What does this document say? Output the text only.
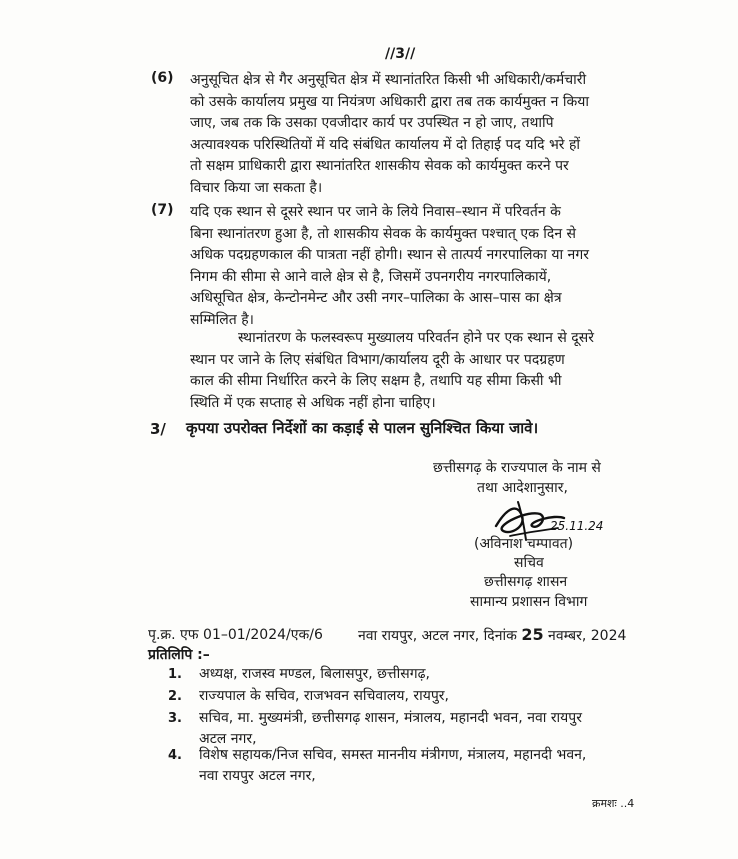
//3//
(6) अनुसूचित क्षेत्र से गैर अनुसूचित क्षेत्र में स्थानांतरित किसी भी अधिकारी/कर्मचारी
को उसके कार्यालय प्रमुख या नियंत्रण अधिकारी द्वारा तब तक कार्यमुक्त न किया
जाए, जब तक कि उसका एवजीदार कार्य पर उपस्थित न हो जाए, तथापि
अत्यावश्यक परिस्थितियों में यदि संबंधित कार्यालय में दो तिहाई पद यदि भरे हों
तो सक्षम प्राधिकारी द्वारा स्थानांतरित शासकीय सेवक को कार्यमुक्त करने पर
विचार किया जा सकता है।
(7) यदि एक स्थान से दूसरे स्थान पर जाने के लिये निवास–स्थान में परिवर्तन के
बिना स्थानांतरण हुआ है, तो शासकीय सेवक के कार्यमुक्त पश्चात् एक दिन से
अधिक पदग्रहणकाल की पात्रता नहीं होगी। स्थान से तात्पर्य नगरपालिका या नगर
निगम की सीमा से आने वाले क्षेत्र से है, जिसमें उपनगरीय नगरपालिकायें,
अधिसूचित क्षेत्र, केन्टोनमेन्ट और उसी नगर–पालिका के आस–पास का क्षेत्र
सम्मिलित है।
स्थानांतरण के फलस्वरूप मुख्यालय परिवर्तन होने पर एक स्थान से दूसरे
स्थान पर जाने के लिए संबंधित विभाग/कार्यालय दूरी के आधार पर पदग्रहण
काल की सीमा निर्धारित करने के लिए सक्षम है, तथापि यह सीमा किसी भी
स्थिति में एक सप्ताह से अधिक नहीं होना चाहिए।
3/ कृपया उपरोक्त निर्देशों का कड़ाई से पालन सुनिश्चित किया जावे।
छत्तीसगढ़ के राज्यपाल के नाम से
तथा आदेशानुसार,
25.11.24
(अविनाश चम्पावत)
सचिव
छत्तीसगढ़ शासन
सामान्य प्रशासन विभाग
पृ.क्र. एफ 01–01/2024/एक/6	नवा रायपुर, अटल नगर, दिनांक 25 नवम्बर, 2024
प्रतिलिपि :–
1. अध्यक्ष, राजस्व मण्डल, बिलासपुर, छत्तीसगढ़,
2. राज्यपाल के सचिव, राजभवन सचिवालय, रायपुर,
3. सचिव, मा. मुख्यमंत्री, छत्तीसगढ़ शासन, मंत्रालय, महानदी भवन, नवा रायपुर
अटल नगर,
4. विशेष सहायक/निज सचिव, समस्त माननीय मंत्रीगण, मंत्रालय, महानदी भवन,
नवा रायपुर अटल नगर,
क्रमशः ..4
